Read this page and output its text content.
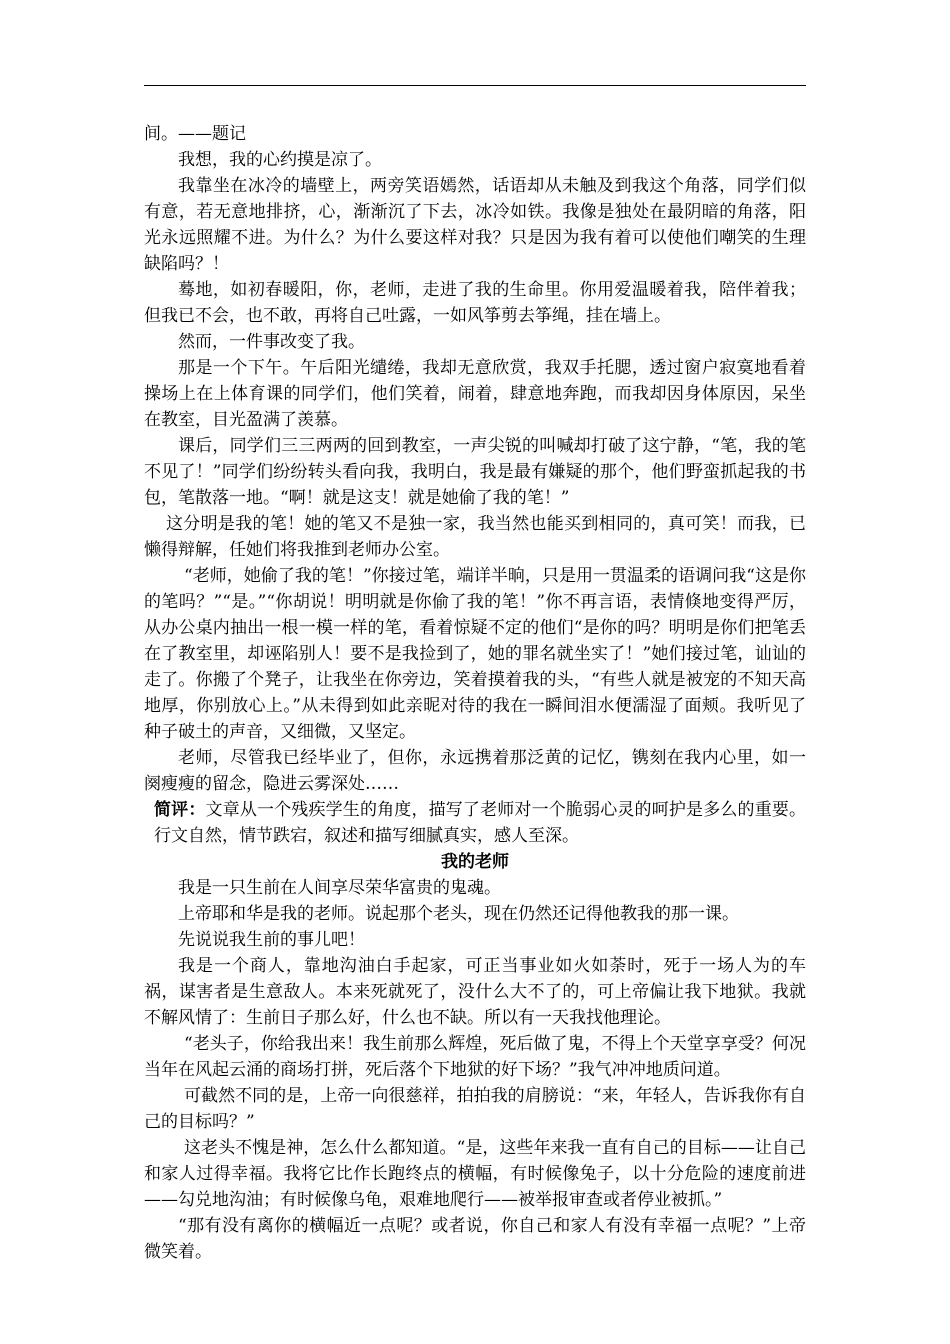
间。——题记

我想，我的心约摸是凉了。

我靠坐在冰冷的墙壁上，两旁笑语嫣然，话语却从未触及到我这个角落，同学们似有意，若无意地排挤，心，渐渐沉了下去，冰冷如铁。我像是独处在最阴暗的角落，阳光永远照耀不进。为什么？为什么要这样对我？只是因为我有着可以使他们嘲笑的生理缺陷吗？！

蓦地，如初春暖阳，你，老师，走进了我的生命里。你用爱温暖着我，陪伴着我；但我已不会，也不敢，再将自己吐露，一如风筝剪去筝绳，挂在墙上。

然而，一件事改变了我。

那是一个下午。午后阳光缱绻，我却无意欣赏，我双手托腮，透过窗户寂寞地看着操场上在上体育课的同学们，他们笑着，闹着，肆意地奔跑，而我却因身体原因，呆坐在教室，目光盈满了羡慕。

课后，同学们三三两两的回到教室，一声尖锐的叫喊却打破了这宁静，“笔，我的笔不见了！”同学们纷纷转头看向我，我明白，我是最有嫌疑的那个，他们野蛮抓起我的书包，笔散落一地。“啊！就是这支！就是她偷了我的笔！”

这分明是我的笔！她的笔又不是独一家，我当然也能买到相同的，真可笑！而我，已懒得辩解，任她们将我推到老师办公室。

“老师，她偷了我的笔！”你接过笔，端详半晌，只是用一贯温柔的语调问我“这是你的笔吗？”“是。”“你胡说！明明就是你偷了我的笔！”你不再言语，表情倏地变得严厉，从办公桌内抽出一根一模一样的笔，看着惊疑不定的他们“是你的吗？明明是你们把笔丢在了教室里，却诬陷别人！要不是我捡到了，她的罪名就坐实了！”她们接过笔，讪讪的走了。你搬了个凳子，让我坐在你旁边，笑着摸着我的头，“有些人就是被宠的不知天高地厚，你别放心上。”从未得到如此亲昵对待的我在一瞬间泪水便濡湿了面颊。我听见了种子破土的声音，又细微，又坚定。

老师，尽管我已经毕业了，但你，永远携着那泛黄的记忆，镌刻在我内心里，如一阕瘦瘦的留念，隐进云雾深处……

简评：文章从一个残疾学生的角度，描写了老师对一个脆弱心灵的呵护是多么的重要。行文自然，情节跌宕，叙述和描写细腻真实，感人至深。

我的老师

我是一只生前在人间享尽荣华富贵的鬼魂。

上帝耶和华是我的老师。说起那个老头，现在仍然还记得他教我的那一课。

先说说我生前的事儿吧！

我是一个商人，靠地沟油白手起家，可正当事业如火如荼时，死于一场人为的车祸，谋害者是生意敌人。本来死就死了，没什么大不了的，可上帝偏让我下地狱。我就不解风情了：生前日子那么好，什么也不缺。所以有一天我找他理论。

“老头子，你给我出来！我生前那么辉煌，死后做了鬼，不得上个天堂享享受？何况当年在风起云涌的商场打拼，死后落个下地狱的好下场？”我气冲冲地质问道。

可截然不同的是，上帝一向很慈祥，拍拍我的肩膀说：“来，年轻人，告诉我你有自己的目标吗？”

这老头不愧是神，怎么什么都知道。“是，这些年来我一直有自己的目标——让自己和家人过得幸福。我将它比作长跑终点的横幅，有时候像兔子，以十分危险的速度前进——勾兑地沟油；有时候像乌龟，艰难地爬行——被举报审查或者停业被抓。”

“那有没有离你的横幅近一点呢？或者说，你自己和家人有没有幸福一点呢？”上帝微笑着。
